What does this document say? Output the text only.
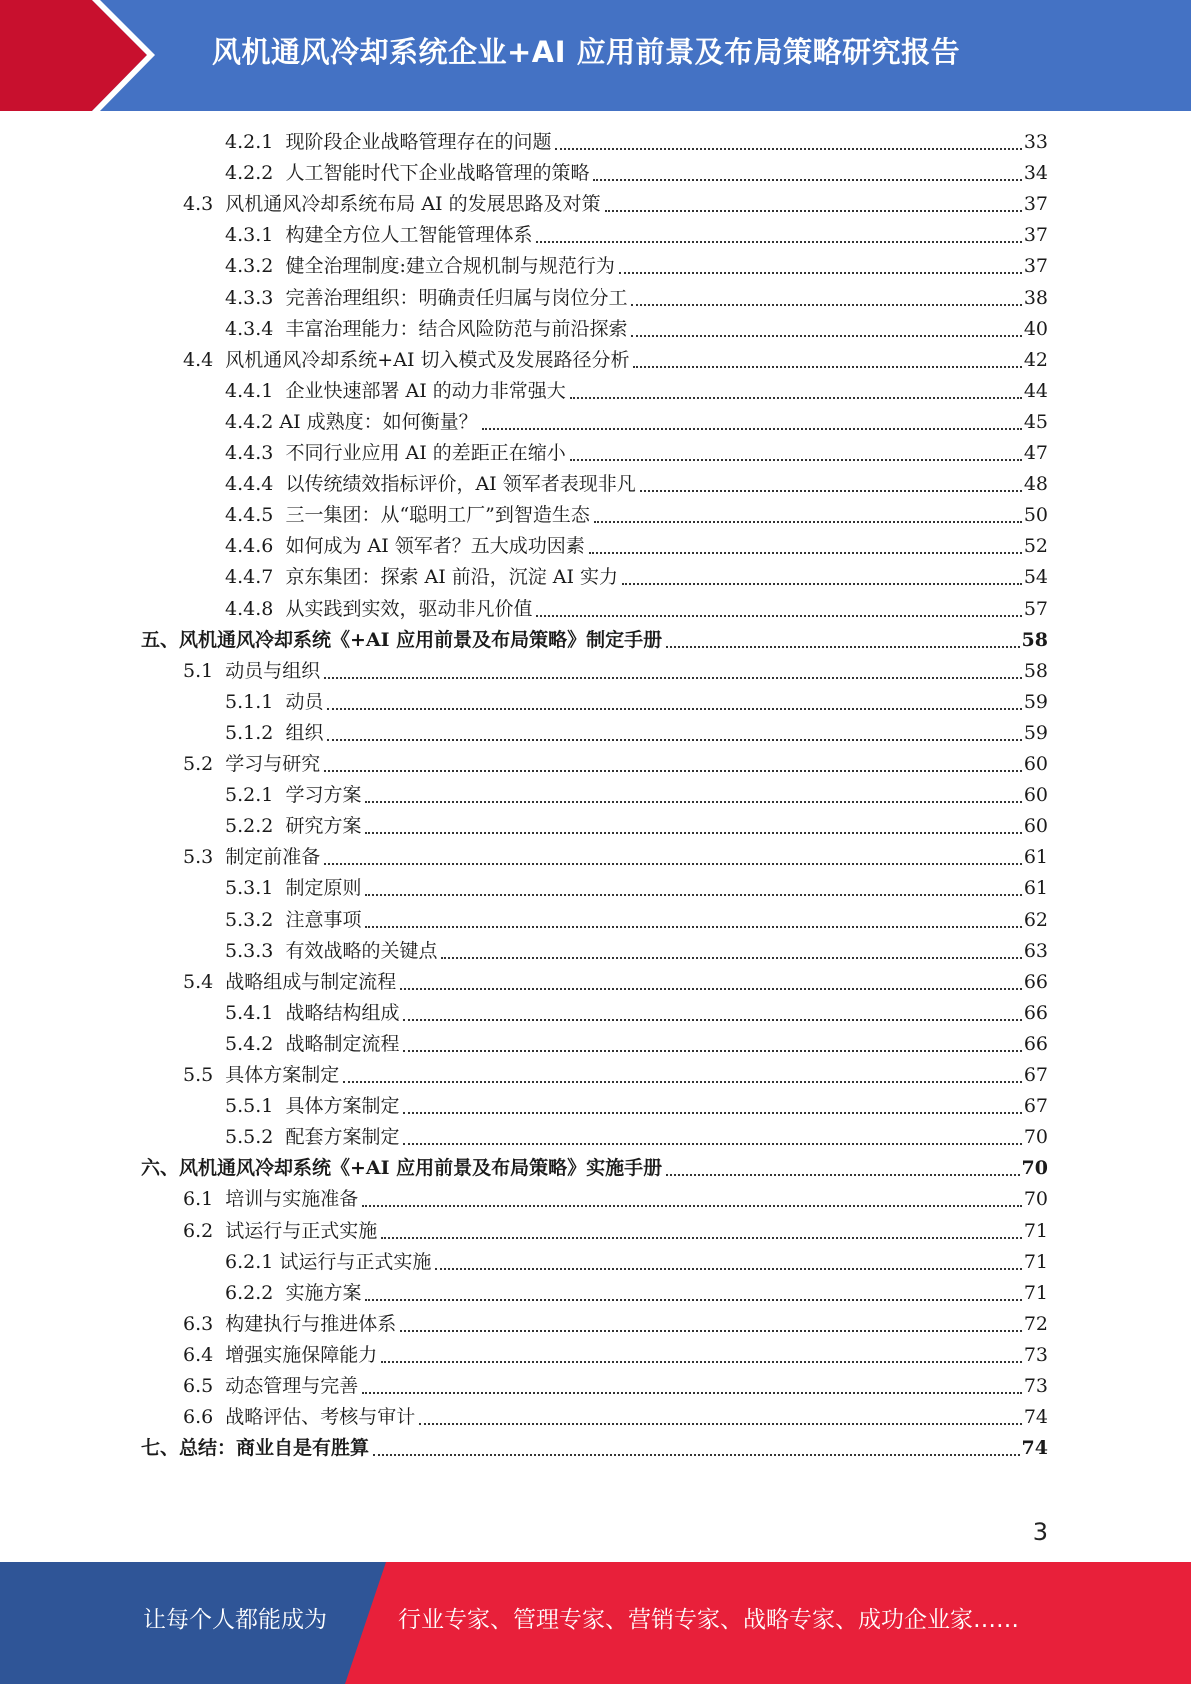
风机通风冷却系统企业+AI 应用前景及布局策略研究报告
4.2.1 现阶段企业战略管理存在的问题	33
4.2.2 人工智能时代下企业战略管理的策略	34
4.3 风机通风冷却系统布局 AI 的发展思路及对策	37
4.3.1 构建全方位人工智能管理体系	37
4.3.2 健全治理制度:建立合规机制与规范行为	37
4.3.3 完善治理组织：明确责任归属与岗位分工	38
4.3.4 丰富治理能力：结合风险防范与前沿探索	40
4.4 风机通风冷却系统+AI 切入模式及发展路径分析	42
4.4.1 企业快速部署 AI 的动力非常强大	44
4.4.2 AI 成熟度：如何衡量？	45
4.4.3 不同行业应用 AI 的差距正在缩小	47
4.4.4 以传统绩效指标评价，AI 领军者表现非凡	48
4.4.5 三一集团：从“聪明工厂”到智造生态	50
4.4.6 如何成为 AI 领军者？五大成功因素	52
4.4.7 京东集团：探索 AI 前沿，沉淀 AI 实力	54
4.4.8 从实践到实效，驱动非凡价值	57
五、 风机通风冷却系统《+AI 应用前景及布局策略》制定手册	58
5.1 动员与组织	58
5.1.1 动员	59
5.1.2 组织	59
5.2 学习与研究	60
5.2.1 学习方案	60
5.2.2 研究方案	60
5.3 制定前准备	61
5.3.1 制定原则	61
5.3.2 注意事项	62
5.3.3 有效战略的关键点	63
5.4 战略组成与制定流程	66
5.4.1 战略结构组成	66
5.4.2 战略制定流程	66
5.5 具体方案制定	67
5.5.1 具体方案制定	67
5.5.2 配套方案制定	70
六、 风机通风冷却系统《+AI 应用前景及布局策略》实施手册	70
6.1 培训与实施准备	70
6.2 试运行与正式实施	71
6.2.1 试运行与正式实施	71
6.2.2 实施方案	71
6.3 构建执行与推进体系	72
6.4 增强实施保障能力	73
6.5 动态管理与完善	73
6.6 战略评估、考核与审计	74
七、 总结：商业自是有胜算	74
3
让每个人都能成为	行业专家、管理专家、营销专家、战略专家、成功企业家……
